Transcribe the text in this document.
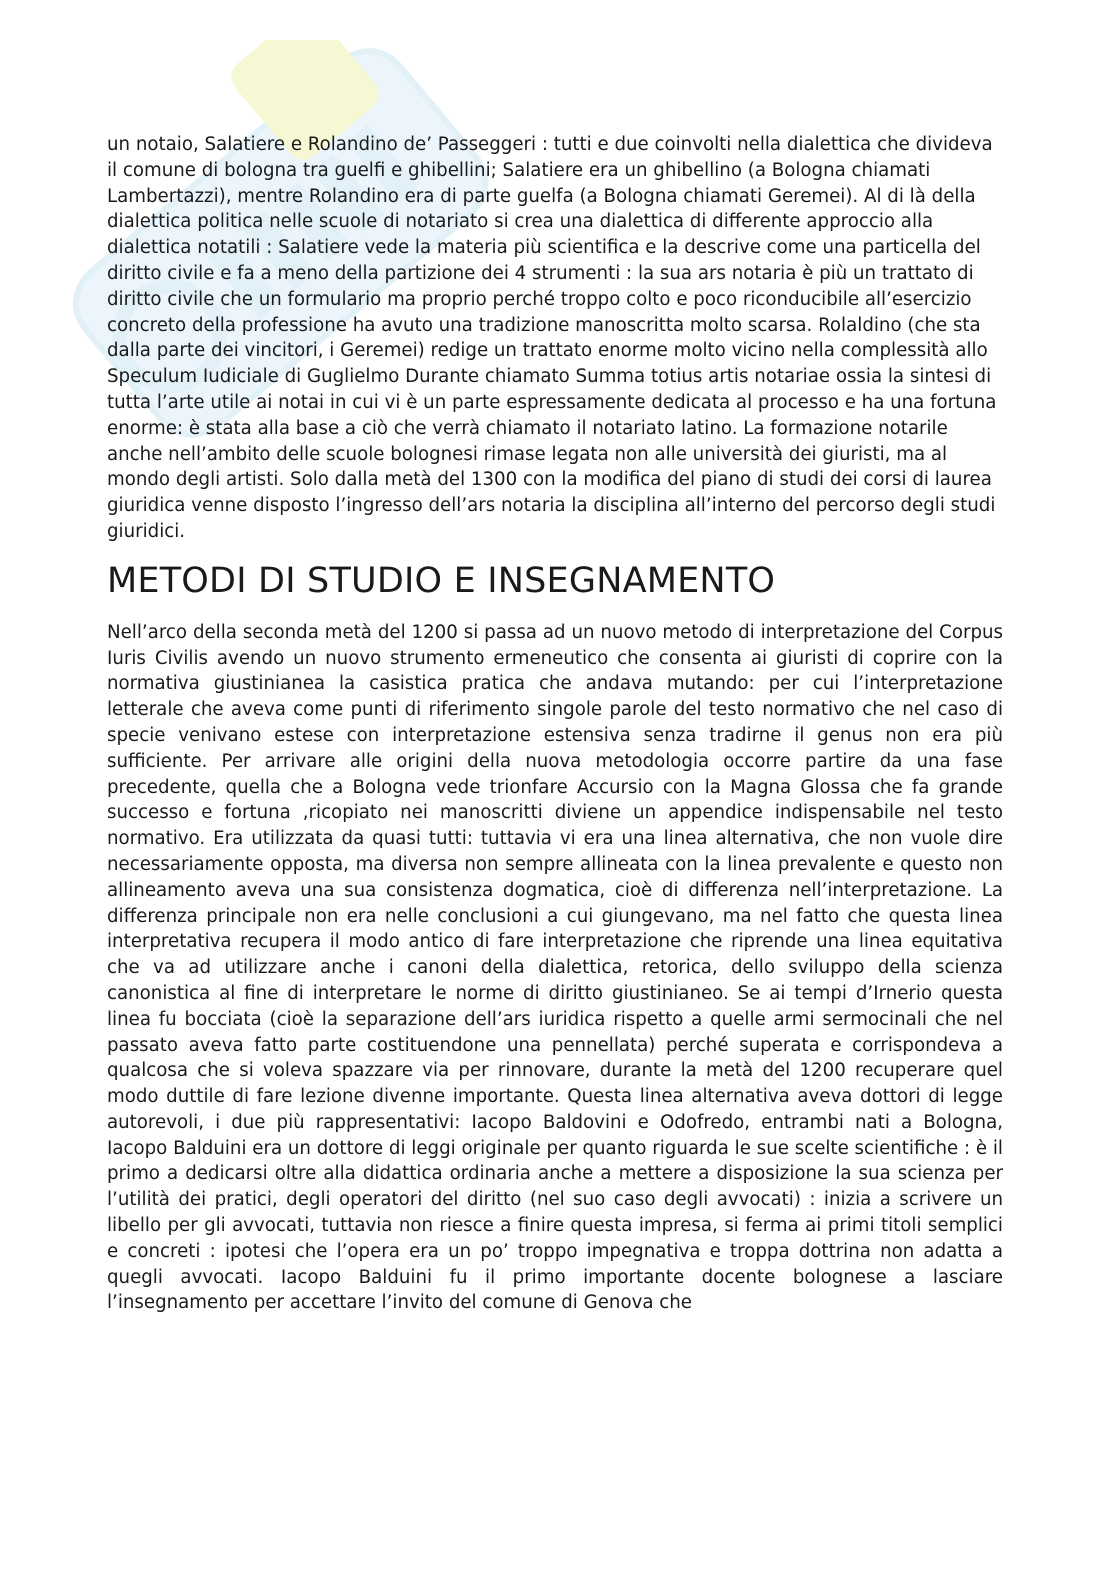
un notaio, Salatiere e Rolandino de’ Passeggeri : tutti e due coinvolti nella dialettica che divideva il comune di bologna tra guelfi e ghibellini; Salatiere era un ghibellino (a Bologna chiamati Lambertazzi), mentre Rolandino era di parte guelfa (a Bologna chiamati Geremei). Al di là della dialettica politica nelle scuole di notariato si crea una dialettica di differente approccio alla dialettica notatili : Salatiere vede la materia più scientifica e la descrive come una particella del diritto civile e fa a meno della partizione dei 4 strumenti : la sua ars notaria è più un trattato di diritto civile che un formulario ma proprio perché troppo colto e poco riconducibile all’esercizio concreto della professione ha avuto una tradizione manoscritta molto scarsa. Rolaldino (che sta dalla parte dei vincitori, i Geremei) redige un trattato enorme molto vicino nella complessità allo Speculum Iudiciale di Guglielmo Durante chiamato Summa totius artis notariae ossia la sintesi di tutta l’arte utile ai notai in cui vi è un parte espressamente dedicata al processo e ha una fortuna enorme: è stata alla base a ciò che verrà chiamato il notariato latino. La formazione notarile anche nell’ambito delle scuole bolognesi rimase legata non alle università dei giuristi, ma al mondo degli artisti. Solo dalla metà del 1300 con la modifica del piano di studi dei corsi di laurea giuridica venne disposto l’ingresso dell’ars notaria la disciplina all’interno del percorso degli studi giuridici.

METODI DI STUDIO E INSEGNAMENTO

Nell’arco della seconda metà del 1200 si passa ad un nuovo metodo di interpretazione del Corpus Iuris Civilis avendo un nuovo strumento ermeneutico che consenta ai giuristi di coprire con la normativa giustinianea la casistica pratica che andava mutando: per cui l’interpretazione letterale che aveva come punti di riferimento singole parole del testo normativo che nel caso di specie venivano estese con interpretazione estensiva senza tradirne il genus non era più sufficiente. Per arrivare alle origini della nuova metodologia occorre partire da una fase precedente, quella che a Bologna vede trionfare Accursio con la Magna Glossa che fa grande successo e fortuna ,ricopiato nei manoscritti diviene un appendice indispensabile nel testo normativo. Era utilizzata da quasi tutti: tuttavia vi era una linea alternativa, che non vuole dire necessariamente opposta, ma diversa non sempre allineata con la linea prevalente e questo non allineamento aveva una sua consistenza dogmatica, cioè di differenza nell’interpretazione. La differenza principale non era nelle conclusioni a cui giungevano, ma nel fatto che questa linea interpretativa recupera il modo antico di fare interpretazione che riprende una linea equitativa che va ad utilizzare anche i canoni della dialettica, retorica, dello sviluppo della scienza canonistica al fine di interpretare le norme di diritto giustinianeo. Se ai tempi d’Irnerio questa linea fu bocciata (cioè la separazione dell’ars iuridica rispetto a quelle armi sermocinali che nel passato aveva fatto parte costituendone una pennellata) perché superata e corrispondeva a qualcosa che si voleva spazzare via per rinnovare, durante la metà del 1200 recuperare quel modo duttile di fare lezione divenne importante. Questa linea alternativa aveva dottori di legge autorevoli, i due più rappresentativi: Iacopo Baldovini e Odofredo, entrambi nati a Bologna, Iacopo Balduini era un dottore di leggi originale per quanto riguarda le sue scelte scientifiche : è il primo a dedicarsi oltre alla didattica ordinaria anche a mettere a disposizione la sua scienza per l’utilità dei pratici, degli operatori del diritto (nel suo caso degli avvocati) : inizia a scrivere un libello per gli avvocati, tuttavia non riesce a finire questa impresa, si ferma ai primi titoli semplici e concreti : ipotesi che l’opera era un po’ troppo impegnativa e troppa dottrina non adatta a quegli avvocati. Iacopo Balduini fu il primo importante docente bolognese a lasciare l’insegnamento per accettare l’invito del comune di Genova che
